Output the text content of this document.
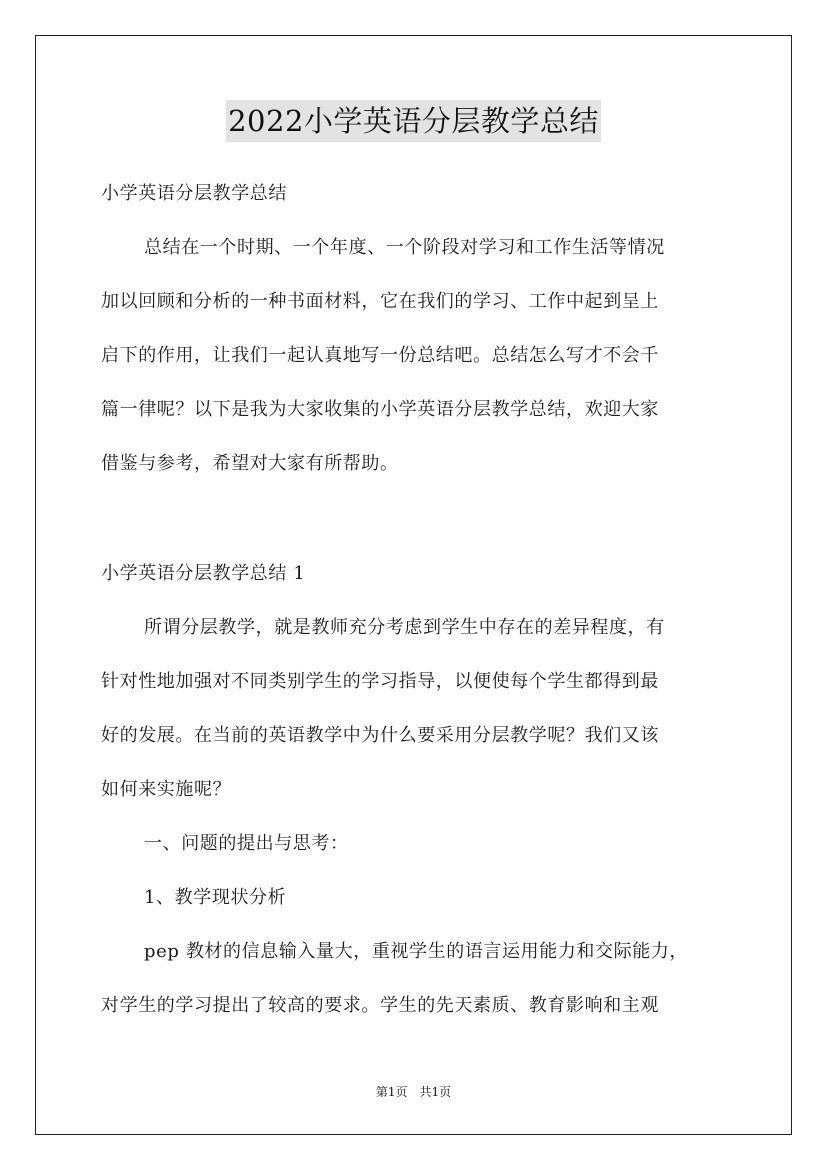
2022小学英语分层教学总结
小学英语分层教学总结
总结在一个时期、一个年度、一个阶段对学习和工作生活等情况
加以回顾和分析的一种书面材料，它在我们的学习、工作中起到呈上
启下的作用，让我们一起认真地写一份总结吧。总结怎么写才不会千
篇一律呢？以下是我为大家收集的小学英语分层教学总结，欢迎大家
借鉴与参考，希望对大家有所帮助。
小学英语分层教学总结 1
所谓分层教学，就是教师充分考虑到学生中存在的差异程度，有
针对性地加强对不同类别学生的学习指导，以便使每个学生都得到最
好的发展。在当前的英语教学中为什么要采用分层教学呢？我们又该
如何来实施呢？
一、问题的提出与思考：
1、教学现状分析
pep 教材的信息输入量大，重视学生的语言运用能力和交际能力，
对学生的学习提出了较高的要求。学生的先天素质、教育影响和主观
第1页　共1页
